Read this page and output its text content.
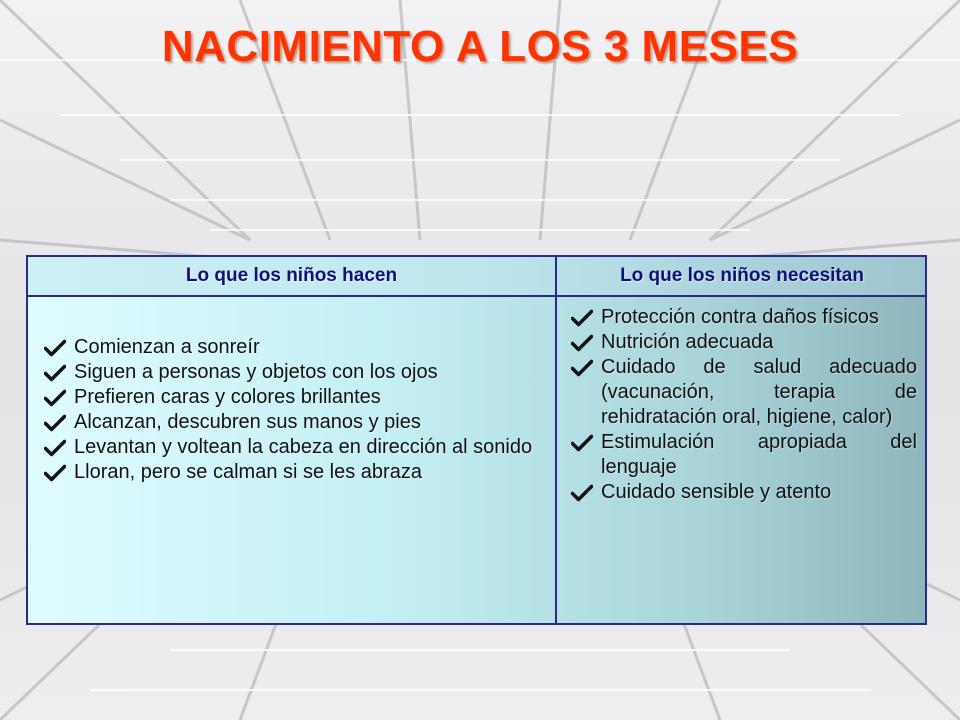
NACIMIENTO A LOS 3 MESES
Lo que los niños hacen	Lo que los niños necesitan
Comienzan a sonreír
Siguen a personas y objetos con los ojos
Prefieren caras y colores brillantes
Alcanzan, descubren sus manos y pies
Levantan y voltean la cabeza en dirección al sonido
Lloran, pero se calman si se les abraza
Protección contra daños físicos
Nutrición adecuada
Cuidado de salud adecuado (vacunación, terapia de rehidratación oral, higiene, calor)
Estimulación apropiada del lenguaje
Cuidado sensible y atento
